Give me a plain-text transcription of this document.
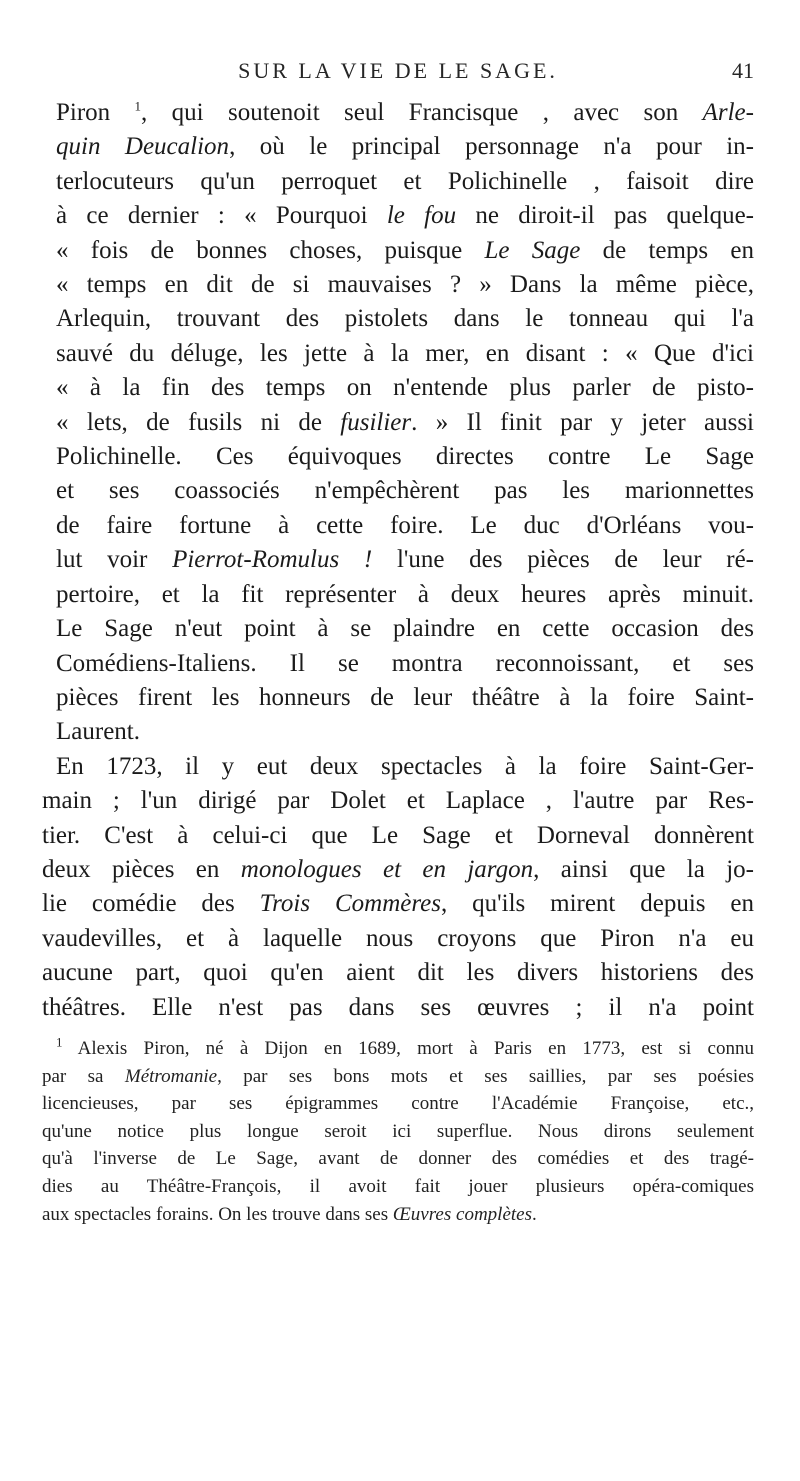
SUR LA VIE DE LE SAGE.	41

Piron $^1$, qui soutenoit seul Francisque , avec son Arle-
quin Deucalion, où le principal personnage n'a pour in-
terlocuteurs qu'un perroquet et Polichinelle , faisoit dire
à ce dernier : « Pourquoi le fou ne diroit-il pas quelque-
« fois de bonnes choses, puisque Le Sage de temps en
« temps en dit de si mauvaises ? » Dans la même pièce,
Arlequin, trouvant des pistolets dans le tonneau qui l'a
sauvé du déluge, les jette à la mer, en disant : « Que d'ici
« à la fin des temps on n'entende plus parler de pisto-
« lets, de fusils ni de fusilier. » Il finit par y jeter aussi
Polichinelle. Ces équivoques directes contre Le Sage
et ses coassociés n'empêchèrent pas les marionnettes
de faire fortune à cette foire. Le duc d'Orléans vou-
lut voir Pierrot-Romulus ! l'une des pièces de leur ré-
pertoire, et la fit représenter à deux heures après minuit.
Le Sage n'eut point à se plaindre en cette occasion des
Comédiens-Italiens. Il se montra reconnoissant, et ses
pièces firent les honneurs de leur théâtre à la foire Saint-
Laurent.

En 1723, il y eut deux spectacles à la foire Saint-Ger-
main ; l'un dirigé par Dolet et Laplace , l'autre par Res-
tier. C'est à celui-ci que Le Sage et Dorneval donnèrent
deux pièces en monologues et en jargon, ainsi que la jo-
lie comédie des Trois Commères, qu'ils mirent depuis en
vaudevilles, et à laquelle nous croyons que Piron n'a eu
aucune part, quoi qu'en aient dit les divers historiens des
théâtres. Elle n'est pas dans ses œuvres ; il n'a point

$^1$ Alexis Piron, né à Dijon en 1689, mort à Paris en 1773, est si connu
par sa Métromanie, par ses bons mots et ses saillies, par ses poésies
licencieuses, par ses épigrammes contre l'Académie Françoise, etc.,
qu'une notice plus longue seroit ici superflue. Nous dirons seulement
qu'à l'inverse de Le Sage, avant de donner des comédies et des tragé-
dies au Théâtre-François, il avoit fait jouer plusieurs opéra-comiques
aux spectacles forains. On les trouve dans ses Œuvres complètes.
